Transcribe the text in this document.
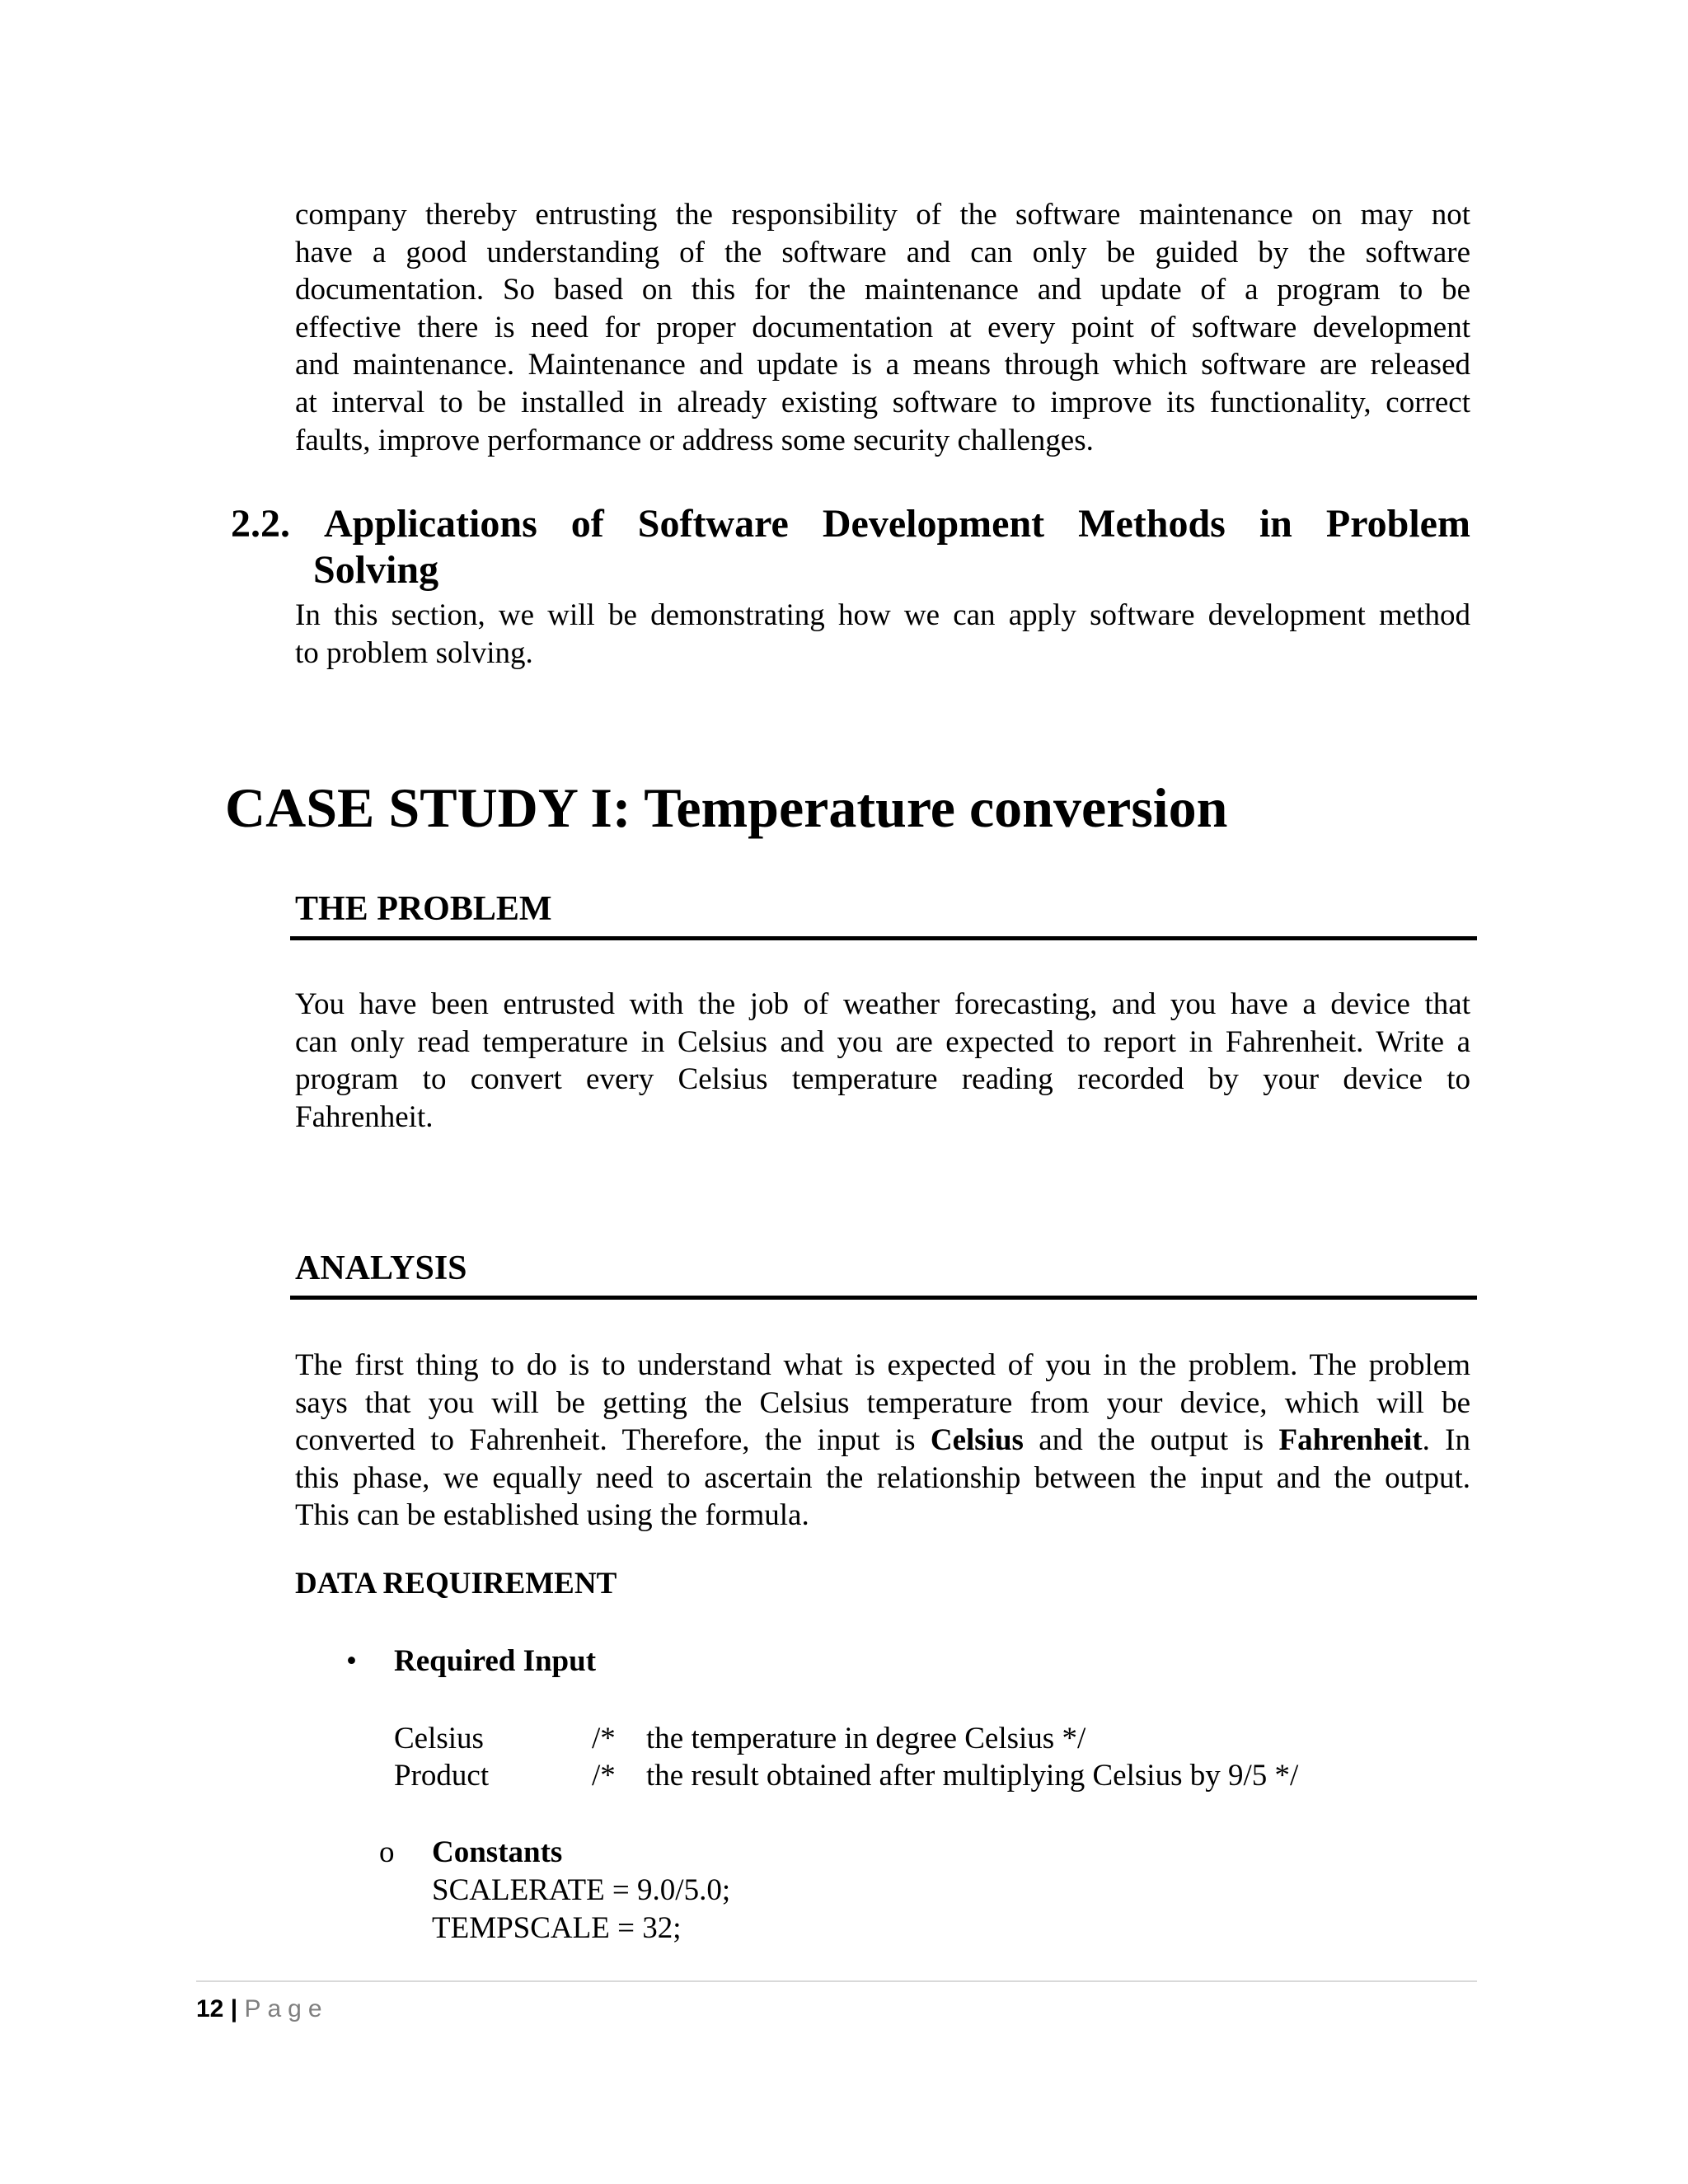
company thereby entrusting the responsibility of the software maintenance on may not
have a good understanding of the software and can only be guided by the software
documentation. So based on this for the maintenance and update of a program to be
effective there is need for proper documentation at every point of software development
and maintenance. Maintenance and update is a means through which software are released
at interval to be installed in already existing software to improve its functionality, correct
faults, improve performance or address some security challenges.
2.2. Applications of Software Development Methods in Problem
Solving
In this section, we will be demonstrating how we can apply software development method
to problem solving.
CASE STUDY I: Temperature conversion
THE PROBLEM
You have been entrusted with the job of weather forecasting, and you have a device that
can only read temperature in Celsius and you are expected to report in Fahrenheit. Write a
program to convert every Celsius temperature reading recorded by your device to
Fahrenheit.
ANALYSIS
The first thing to do is to understand what is expected of you in the problem. The problem
says that you will be getting the Celsius temperature from your device, which will be
converted to Fahrenheit. Therefore, the input is Celsius and the output is Fahrenheit. In
this phase, we equally need to ascertain the relationship between the input and the output.
This can be established using the formula.
DATA REQUIREMENT
• Required Input
Celsius	/* the temperature in degree Celsius */
Product	/* the result obtained after multiplying Celsius by 9/5 */
o Constants
SCALERATE = 9.0/5.0;
TEMPSCALE = 32;
12 | Page
